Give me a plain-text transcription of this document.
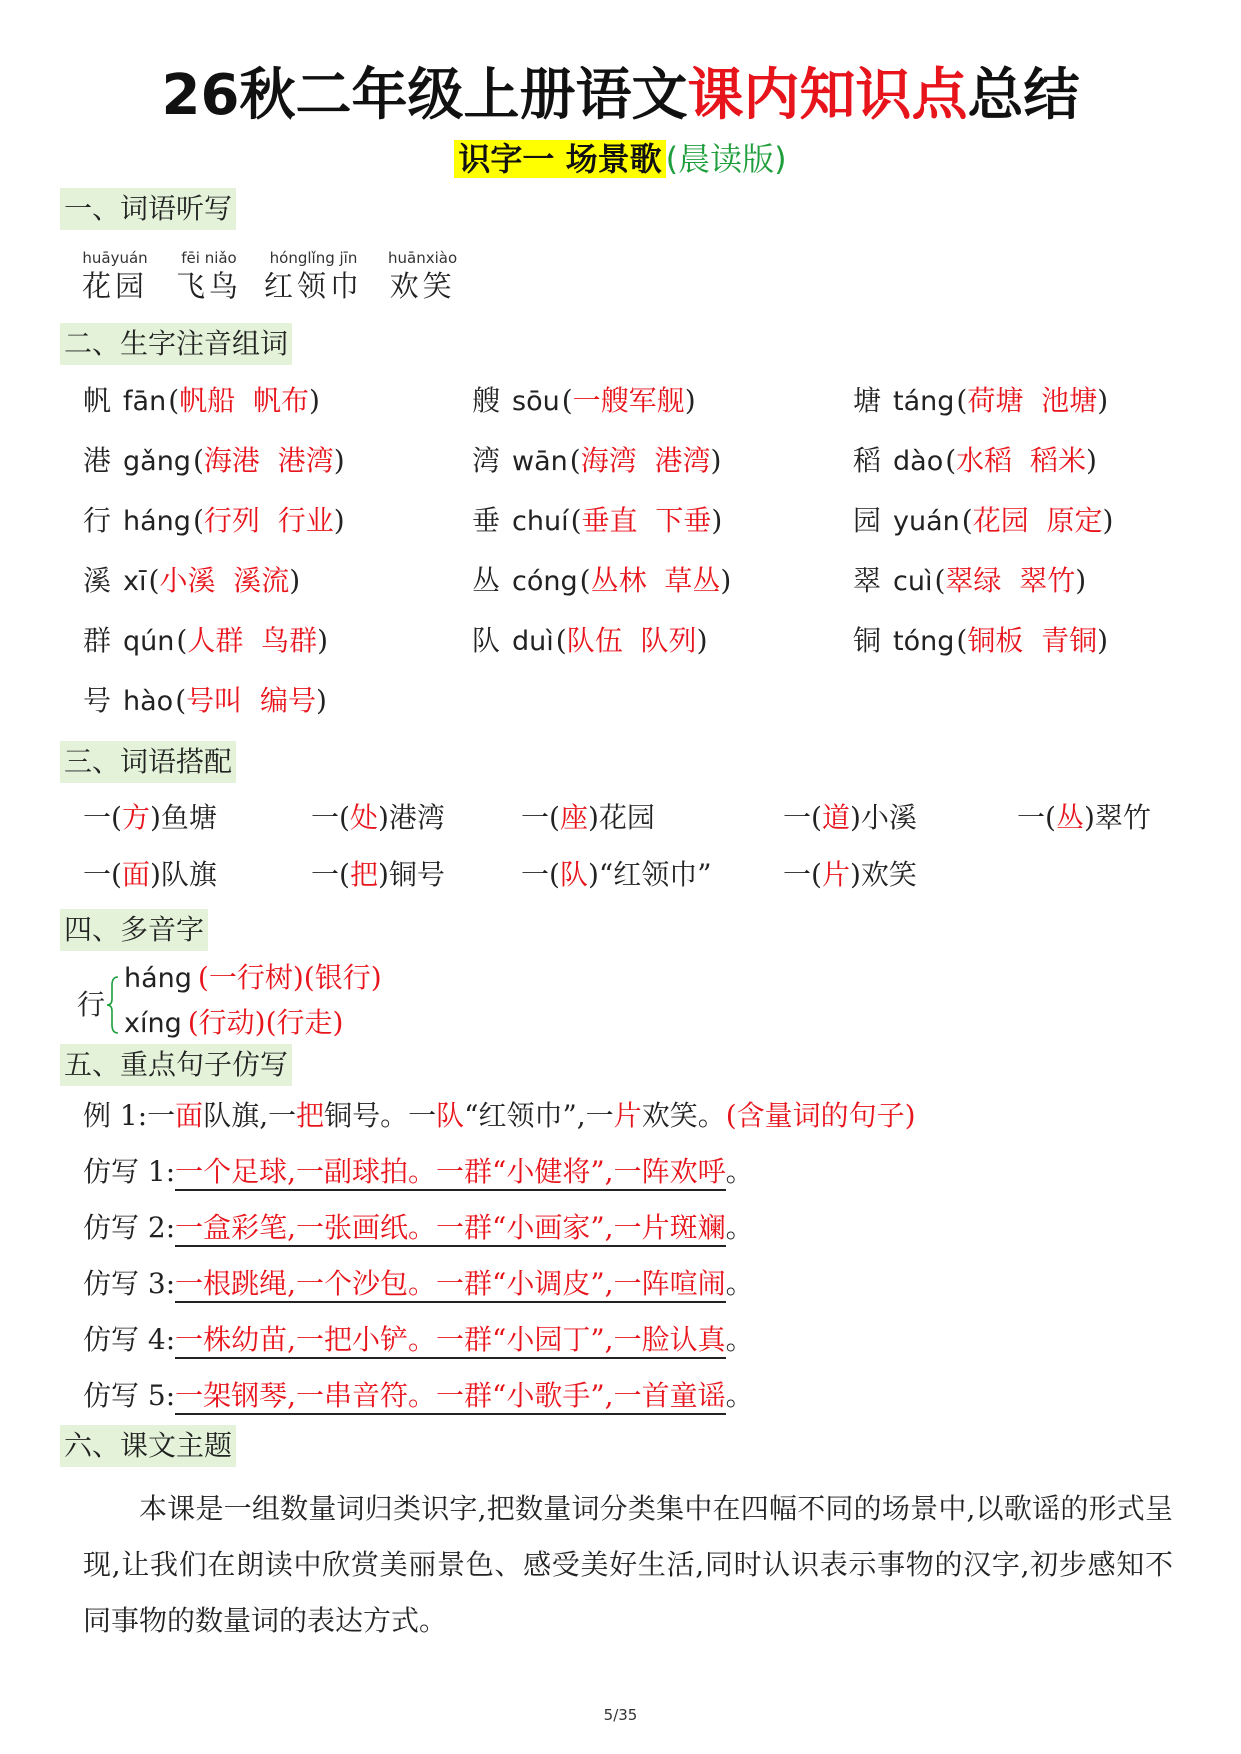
26秋二年级上册语文课内知识点总结
识字一 场景歌 (晨读版)
一、词语听写
huāyuán
花园
fēi niǎo
飞鸟
hónglǐng jīn
红领巾
huānxiào
欢笑
二、生字注音组词
帆 fān(帆船 帆布)	艘 sōu(一艘军舰)	塘 táng(荷塘 池塘)
港 gǎng(海港 港湾)	湾 wān(海湾 港湾)	稻 dào(水稻 稻米)
行 háng(行列 行业)	垂 chuí(垂直 下垂)	园 yuán(花园 原定)
溪 xī(小溪 溪流)	丛 cóng(丛林 草丛)	翠 cuì(翠绿 翠竹)
群 qún(人群 鸟群)	队 duì(队伍 队列)	铜 tóng(铜板 青铜)
号 hào(号叫 编号)
三、词语搭配
一(方)鱼塘	一(处)港湾	一(座)花园	一(道)小溪	一(丛)翠竹
一(面)队旗	一(把)铜号	一(队)“红领巾”	一(片)欢笑
四、多音字
行
háng (一行树)(银行)
xíng (行动)(行走)
五、重点句子仿写
例 1:一面队旗,一把铜号。一队“红领巾”,一片欢笑。(含量词的句子)
仿写 1:一个足球,一副球拍。一群“小健将”,一阵欢呼。
仿写 2:一盒彩笔,一张画纸。一群“小画家”,一片斑斓。
仿写 3:一根跳绳,一个沙包。一群“小调皮”,一阵喧闹。
仿写 4:一株幼苗,一把小铲。一群“小园丁”,一脸认真。
仿写 5:一架钢琴,一串音符。一群“小歌手”,一首童谣。
六、课文主题
本课是一组数量词归类识字,把数量词分类集中在四幅不同的场景中,以歌谣的形式呈现,让我们在朗读中欣赏美丽景色、感受美好生活,同时认识表示事物的汉字,初步感知不同事物的数量词的表达方式。
5/35
